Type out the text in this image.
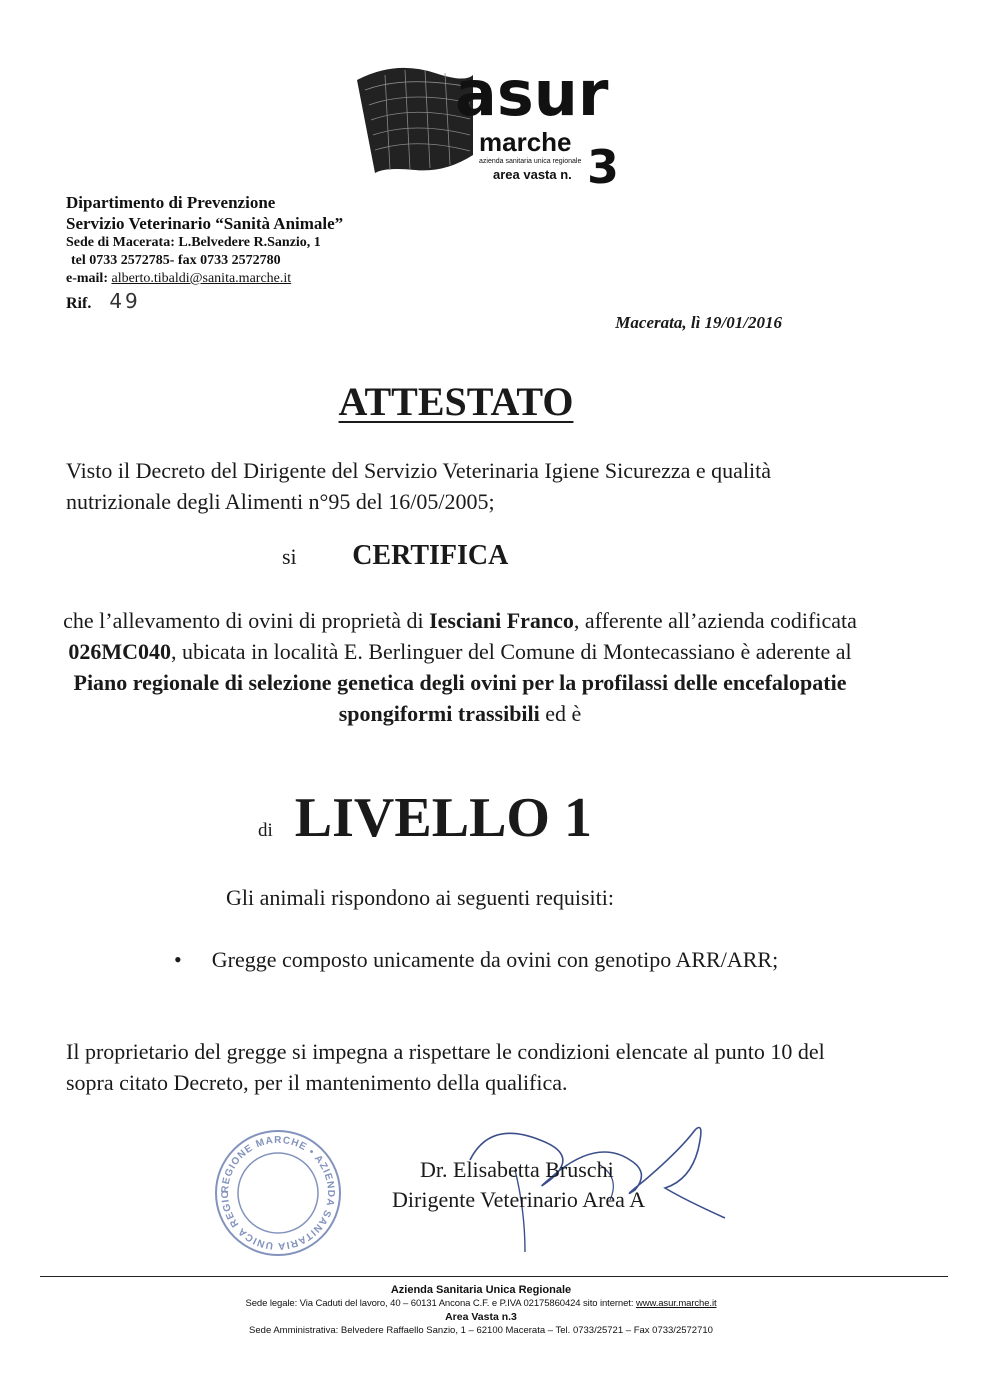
asur
marche
azienda sanitaria unica regionale
area vasta n. 3
Dipartimento di Prevenzione
Servizio Veterinario “Sanità Animale”
Sede di Macerata: L.Belvedere R.Sanzio, 1
tel 0733 2572785- fax 0733 2572780
e-mail: alberto.tibaldi@sanita.marche.it
Rif. 49
Macerata, lì 19/01/2016
ATTESTATO
Visto il Decreto del Dirigente del Servizio Veterinaria Igiene Sicurezza e qualità nutrizionale degli Alimenti n°95 del 16/05/2005;
si CERTIFICA
che l’allevamento di ovini di proprietà di Iesciani Franco, afferente all’azienda codificata 026MC040, ubicata in località E. Berlinguer del Comune di Montecassiano è aderente al Piano regionale di selezione genetica degli ovini per la profilassi delle encefalopatie spongiformi trassibili ed è
di LIVELLO 1
Gli animali rispondono ai seguenti requisiti:
•	Gregge composto unicamente da ovini con genotipo ARR/ARR;
Il proprietario del gregge si impegna a rispettare le condizioni elencate al punto 10 del sopra citato Decreto, per il mantenimento della qualifica.
REGIONE MARCHE • AZIENDA SANITARIA UNICA REGIO
Dr. Elisabetta Bruschi
Dirigente Veterinario Area A
Azienda Sanitaria Unica Regionale
Sede legale: Via Caduti del lavoro, 40 – 60131 Ancona C.F. e P.IVA 02175860424 sito internet: www.asur.marche.it
Area Vasta n.3
Sede Amministrativa: Belvedere Raffaello Sanzio, 1 – 62100 Macerata – Tel. 0733/25721 – Fax 0733/2572710
